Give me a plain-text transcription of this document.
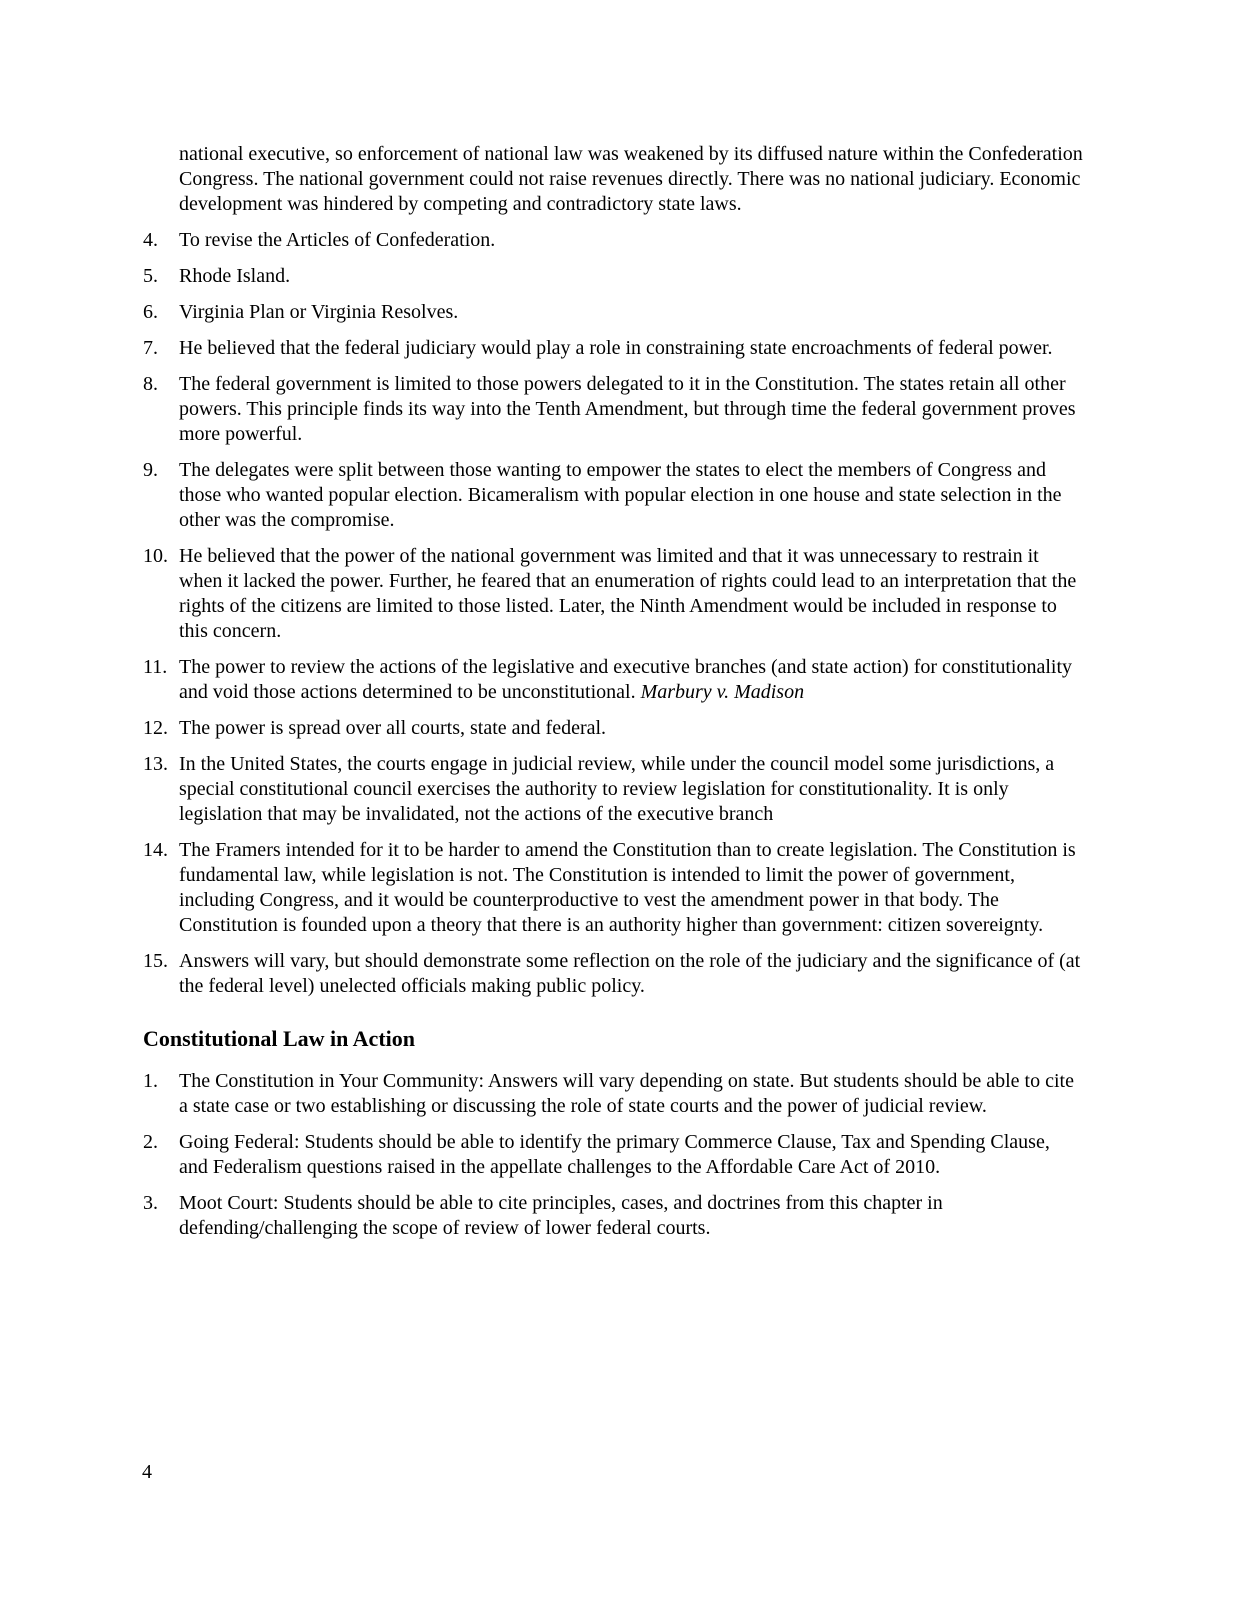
national executive, so enforcement of national law was weakened by its diffused nature within the Confederation Congress. The national government could not raise revenues directly. There was no national judiciary. Economic development was hindered by competing and contradictory state laws.
4.	To revise the Articles of Confederation.
5.	Rhode Island.
6.	Virginia Plan or Virginia Resolves.
7.	He believed that the federal judiciary would play a role in constraining state encroachments of federal power.
8.	The federal government is limited to those powers delegated to it in the Constitution. The states retain all other powers. This principle finds its way into the Tenth Amendment, but through time the federal government proves more powerful.
9.	The delegates were split between those wanting to empower the states to elect the members of Congress and those who wanted popular election. Bicameralism with popular election in one house and state selection in the other was the compromise.
10. He believed that the power of the national government was limited and that it was unnecessary to restrain it when it lacked the power. Further, he feared that an enumeration of rights could lead to an interpretation that the rights of the citizens are limited to those listed. Later, the Ninth Amendment would be included in response to this concern.
11. The power to review the actions of the legislative and executive branches (and state action) for constitutionality and void those actions determined to be unconstitutional. Marbury v. Madison
12. The power is spread over all courts, state and federal.
13. In the United States, the courts engage in judicial review, while under the council model some jurisdictions, a special constitutional council exercises the authority to review legislation for constitutionality. It is only legislation that may be invalidated, not the actions of the executive branch
14. The Framers intended for it to be harder to amend the Constitution than to create legislation. The Constitution is fundamental law, while legislation is not. The Constitution is intended to limit the power of government, including Congress, and it would be counterproductive to vest the amendment power in that body. The Constitution is founded upon a theory that there is an authority higher than government: citizen sovereignty.
15. Answers will vary, but should demonstrate some reflection on the role of the judiciary and the significance of (at the federal level) unelected officials making public policy.
Constitutional Law in Action
1.	The Constitution in Your Community: Answers will vary depending on state. But students should be able to cite a state case or two establishing or discussing the role of state courts and the power of judicial review.
2.	Going Federal: Students should be able to identify the primary Commerce Clause, Tax and Spending Clause, and Federalism questions raised in the appellate challenges to the Affordable Care Act of 2010.
3.	Moot Court: Students should be able to cite principles, cases, and doctrines from this chapter in defending/challenging the scope of review of lower federal courts.
4
